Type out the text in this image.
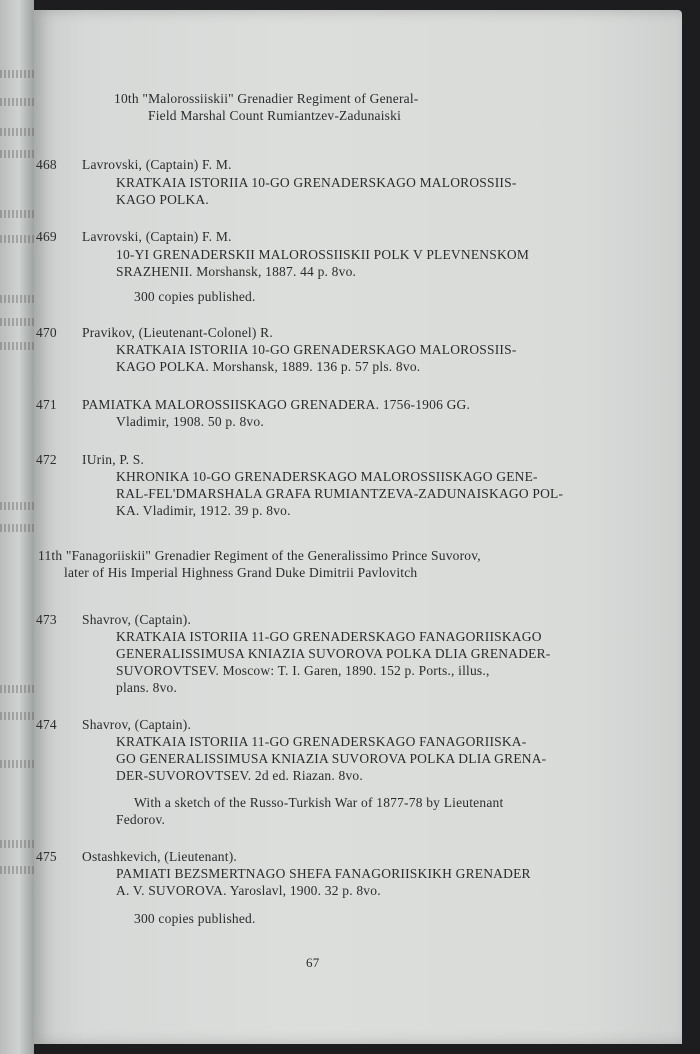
10th "Malorossiiskii" Grenadier Regiment of General-
Field Marshal Count Rumiantzev-Zadunaiski
468 Lavrovski, (Captain) F. M.
KRATKAIA ISTORIIA 10-GO GRENADERSKAGO MALOROSSIIS-
KAGO POLKA.
469 Lavrovski, (Captain) F. M.
10-YI GRENADERSKII MALOROSSIISKII POLK V PLEVNENSKOM
SRAZHENII. Morshansk, 1887. 44 p. 8vo.
300 copies published.
470 Pravikov, (Lieutenant-Colonel) R.
KRATKAIA ISTORIIA 10-GO GRENADERSKAGO MALOROSSIIS-
KAGO POLKA. Morshansk, 1889. 136 p. 57 pls. 8vo.
471 PAMIATKA MALOROSSIISKAGO GRENADERA. 1756-1906 GG.
Vladimir, 1908. 50 p. 8vo.
472 IUrin, P. S.
KHRONIKA 10-GO GRENADERSKAGO MALOROSSIISKAGO GENE-
RAL-FEL'DMARSHALA GRAFA RUMIANTZEVA-ZADUNAISKAGO POL-
KA. Vladimir, 1912. 39 p. 8vo.
11th "Fanagoriiskii" Grenadier Regiment of the Generalissimo Prince Suvorov,
later of His Imperial Highness Grand Duke Dimitrii Pavlovitch
473 Shavrov, (Captain).
KRATKAIA ISTORIIA 11-GO GRENADERSKAGO FANAGORIISKAGO
GENERALISSIMUSA KNIAZIA SUVOROVA POLKA DLIA GRENADER-
SUVOROVTSEV. Moscow: T. I. Garen, 1890. 152 p. Ports., illus.,
plans. 8vo.
474 Shavrov, (Captain).
KRATKAIA ISTORIIA 11-GO GRENADERSKAGO FANAGORIISKA-
GO GENERALISSIMUSA KNIAZIA SUVOROVA POLKA DLIA GRENA-
DER-SUVOROVTSEV. 2d ed. Riazan. 8vo.
With a sketch of the Russo-Turkish War of 1877-78 by Lieutenant
Fedorov.
475 Ostashkevich, (Lieutenant).
PAMIATI BEZSMERTNAGO SHEFA FANAGORIISKIKH GRENADER
A. V. SUVOROVA. Yaroslavl, 1900. 32 p. 8vo.
300 copies published.
67
